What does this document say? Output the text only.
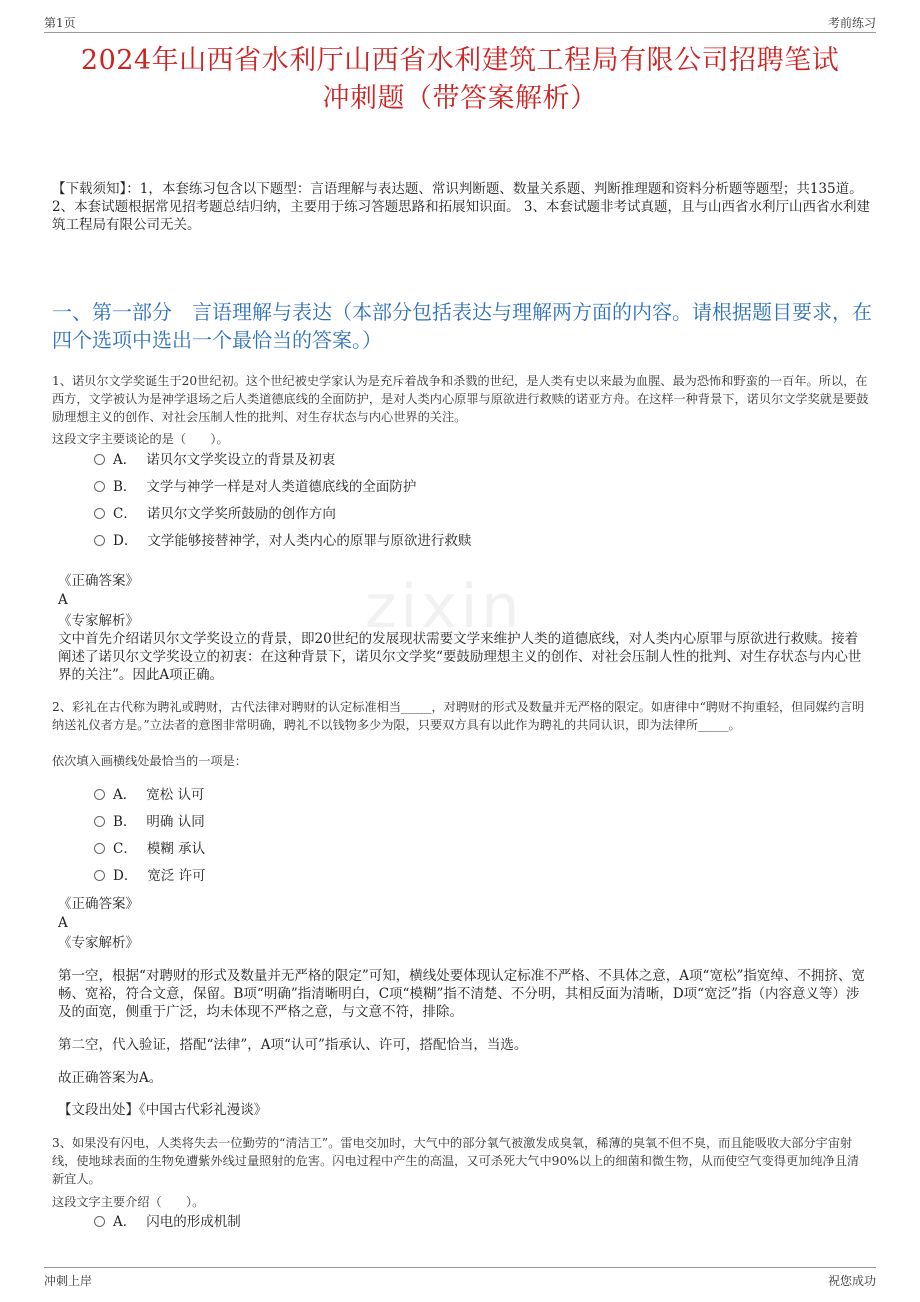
第1页	考前练习
zixin
2024年山西省水利厅山西省水利建筑工程局有限公司招聘笔试
冲刺题（带答案解析）
【下载须知】：1，本套练习包含以下题型：言语理解与表达题、常识判断题、数量关系题、判断推理题和资料分析题等题型；共135道。 2、本套试题根据常见招考题总结归纳，主要用于练习答题思路和拓展知识面。 3、本套试题非考试真题，且与山西省水利厅山西省水利建筑工程局有限公司无关。
一、第一部分　言语理解与表达（本部分包括表达与理解两方面的内容。请根据题目要求，在四个选项中选出一个最恰当的答案。）
1、诺贝尔文学奖诞生于20世纪初。这个世纪被史学家认为是充斥着战争和杀戮的世纪，是人类有史以来最为血腥、最为恐怖和野蛮的一百年。所以，在西方，文学被认为是神学退场之后人类道德底线的全面防护，是对人类内心原罪与原欲进行救赎的诺亚方舟。在这样一种背景下，诺贝尔文学奖就是要鼓励理想主义的创作、对社会压制人性的批判、对生存状态与内心世界的关注。
这段文字主要谈论的是（　　）。
A． 诺贝尔文学奖设立的背景及初衷
B． 文学与神学一样是对人类道德底线的全面防护
C． 诺贝尔文学奖所鼓励的创作方向
D． 文学能够接替神学，对人类内心的原罪与原欲进行救赎
《正确答案》
A
《专家解析》
文中首先介绍诺贝尔文学奖设立的背景，即20世纪的发展现状需要文学来维护人类的道德底线，对人类内心原罪与原欲进行救赎。接着阐述了诺贝尔文学奖设立的初衷：在这种背景下，诺贝尔文学奖“要鼓励理想主义的创作、对社会压制人性的批判、对生存状态与内心世界的关注”。因此A项正确。
2、彩礼在古代称为聘礼或聘财，古代法律对聘财的认定标准相当_____，对聘财的形式及数量并无严格的限定。如唐律中“聘财不拘重轻，但同媒约言明纳送礼仪者方是。”立法者的意图非常明确，聘礼不以钱物多少为限，只要双方具有以此作为聘礼的共同认识，即为法律所_____。
依次填入画横线处最恰当的一项是：
A． 宽松 认可
B． 明确 认同
C． 模糊 承认
D． 宽泛 许可
《正确答案》
A
《专家解析》
第一空，根据“对聘财的形式及数量并无严格的限定”可知，横线处要体现认定标准不严格、不具体之意，A项“宽松”指宽绰、不拥挤、宽畅、宽裕，符合文意，保留。B项“明确”指清晰明白，C项“模糊”指不清楚、不分明，其相反面为清晰，D项“宽泛”指（内容意义等）涉及的面宽，侧重于广泛，均未体现不严格之意，与文意不符，排除。
第二空，代入验证，搭配“法律”，A项“认可”指承认、许可，搭配恰当，当选。
故正确答案为A。
【文段出处】《中国古代彩礼漫谈》
3、如果没有闪电，人类将失去一位勤劳的“清洁工”。雷电交加时，大气中的部分氧气被激发成臭氧，稀薄的臭氧不但不臭，而且能吸收大部分宇宙射线，使地球表面的生物免遭紫外线过量照射的危害。闪电过程中产生的高温，又可杀死大气中90%以上的细菌和微生物，从而使空气变得更加纯净且清新宜人。
这段文字主要介绍（　　）。
A． 闪电的形成机制
冲刺上岸	祝您成功
